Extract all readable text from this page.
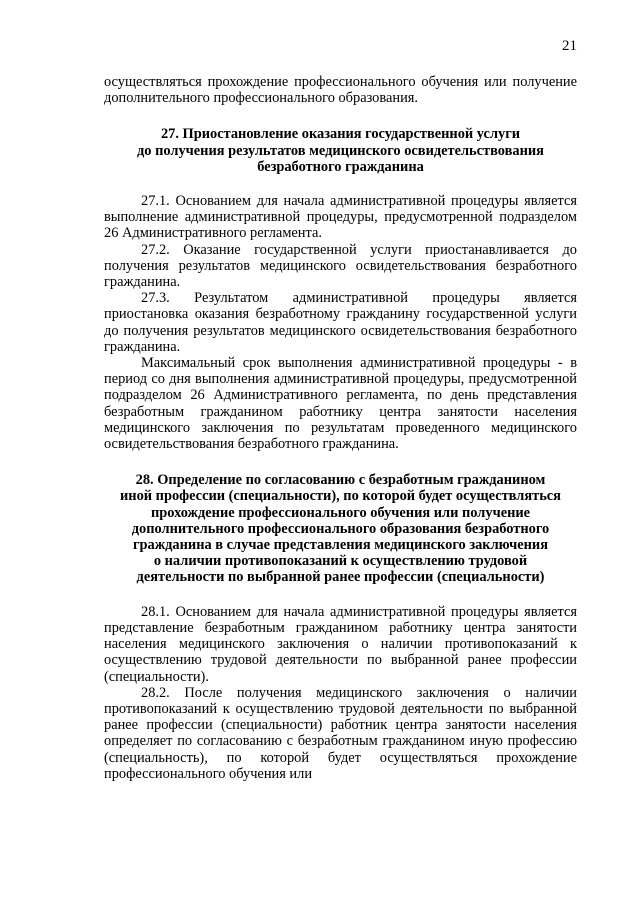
21

осуществляться прохождение профессионального обучения или получение дополнительного профессионального образования.

27. Приостановление оказания государственной услуги
до получения результатов медицинского освидетельствования
безработного гражданина

27.1. Основанием для начала административной процедуры является выполнение административной процедуры, предусмотренной подразделом 26 Административного регламента.

27.2. Оказание государственной услуги приостанавливается до получения результатов медицинского освидетельствования безработного гражданина.

27.3. Результатом административной процедуры является приостановка оказания безработному гражданину государственной услуги до получения результатов медицинского освидетельствования безработного гражданина.

Максимальный срок выполнения административной процедуры - в период со дня выполнения административной процедуры, предусмотренной подразделом 26 Административного регламента, по день представления безработным гражданином работнику центра занятости населения медицинского заключения по результатам проведенного медицинского освидетельствования безработного гражданина.

28. Определение по согласованию с безработным гражданином
иной профессии (специальности), по которой будет осуществляться
прохождение профессионального обучения или получение
дополнительного профессионального образования безработного
гражданина в случае представления медицинского заключения
о наличии противопоказаний к осуществлению трудовой
деятельности по выбранной ранее профессии (специальности)

28.1. Основанием для начала административной процедуры является представление безработным гражданином работнику центра занятости населения медицинского заключения о наличии противопоказаний к осуществлению трудовой деятельности по выбранной ранее профессии (специальности).

28.2. После получения медицинского заключения о наличии противопоказаний к осуществлению трудовой деятельности по выбранной ранее профессии (специальности) работник центра занятости населения определяет по согласованию с безработным гражданином иную профессию (специальность), по которой будет осуществляться прохождение профессионального обучения или
